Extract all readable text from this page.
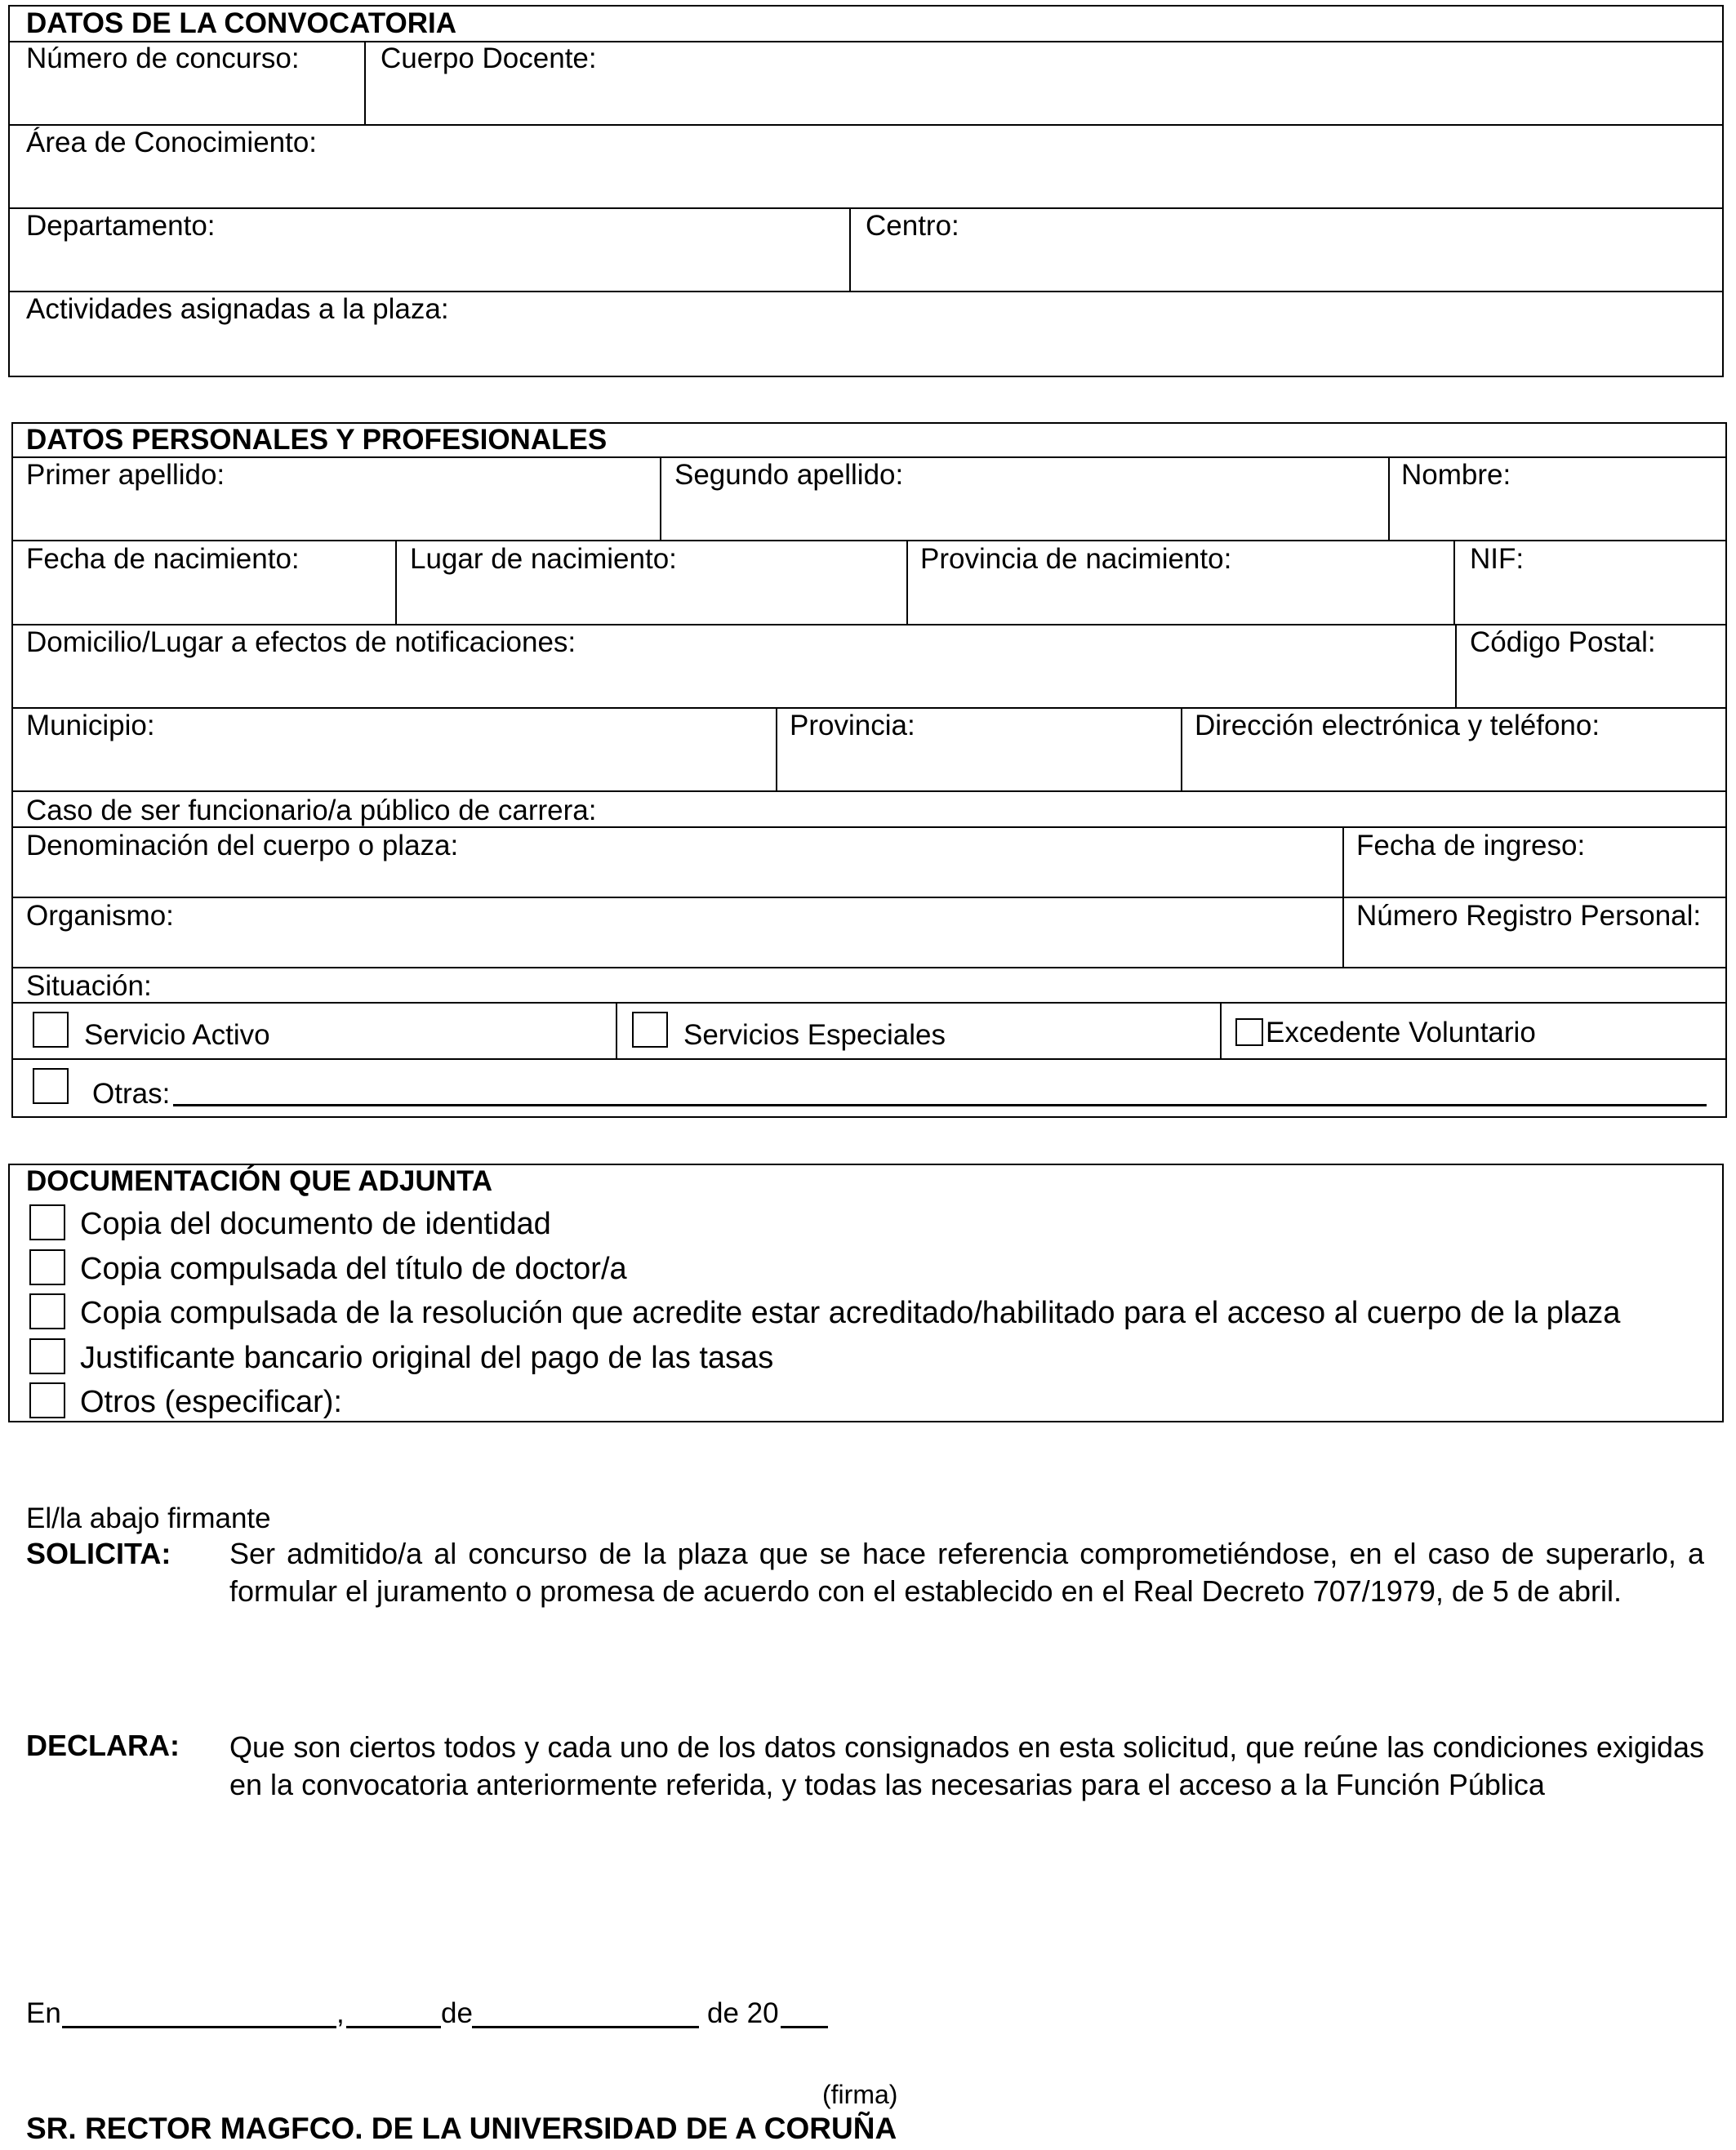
DATOS DE LA CONVOCATORIA
Número de concurso:	Cuerpo Docente:
Área de Conocimiento:
Departamento:	Centro:
Actividades asignadas a la plaza:
DATOS PERSONALES Y PROFESIONALES
Primer apellido:	Segundo apellido:	Nombre:
Fecha de nacimiento:	Lugar de nacimiento:	Provincia de nacimiento:	NIF:
Domicilio/Lugar a efectos de notificaciones:	Código Postal:
Municipio:	Provincia:	Dirección electrónica y teléfono:
Caso de ser funcionario/a público de carrera:
Denominación del cuerpo o plaza:	Fecha de ingreso:
Organismo:	Número Registro Personal:
Situación:
Servicio Activo	Servicios Especiales	Excedente Voluntario
Otras:
DOCUMENTACIÓN QUE ADJUNTA
Copia del documento de identidad
Copia compulsada del título de doctor/a
Copia compulsada de la resolución que acredite estar acreditado/habilitado para el acceso al cuerpo de la plaza
Justificante bancario original del pago de las tasas
Otros (especificar):
El/la abajo firmante
SOLICITA: Ser admitido/a al concurso de la plaza que se hace referencia comprometiéndose, en el caso de superarlo, a formular el juramento o promesa de acuerdo con el establecido en el Real Decreto 707/1979, de 5 de abril.
DECLARA: Que son ciertos todos y cada uno de los datos consignados en esta solicitud, que reúne las condiciones exigidas en la convocatoria anteriormente referida, y todas las necesarias para el acceso a la Función Pública
En	,	de	de 20
(firma)
SR. RECTOR MAGFCO. DE LA UNIVERSIDAD DE A CORUÑA
